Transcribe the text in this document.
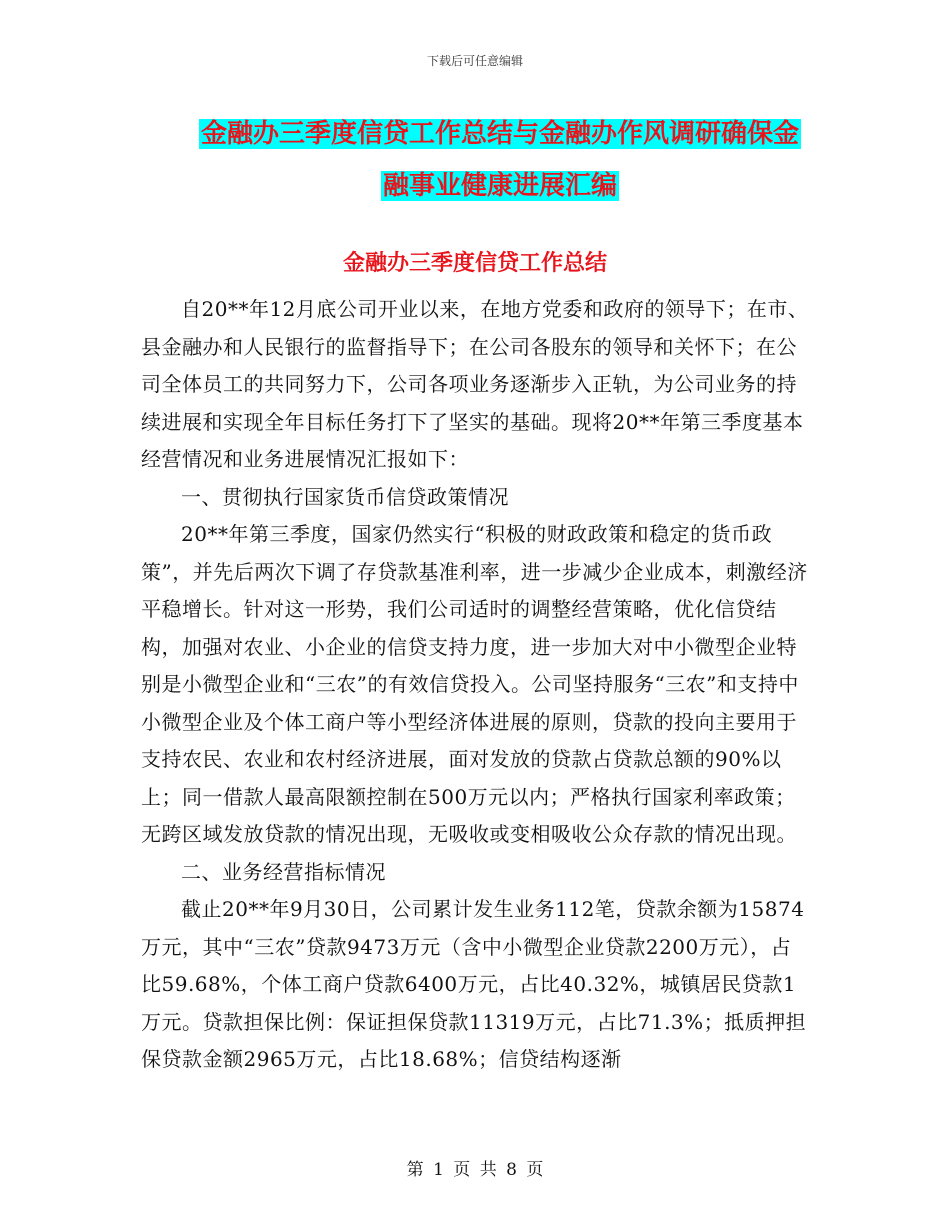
下载后可任意编辑
金融办三季度信贷工作总结与金融办作风调研确保金
融事业健康进展汇编
金融办三季度信贷工作总结

自20**年12月底公司开业以来，在地方党委和政府的领导下；在市、县金融办和人民银行的监督指导下；在公司各股东的领导和关怀下；在公司全体员工的共同努力下，公司各项业务逐渐步入正轨，为公司业务的持续进展和实现全年目标任务打下了坚实的基础。现将20**年第三季度基本经营情况和业务进展情况汇报如下：

一、贯彻执行国家货币信贷政策情况

20**年第三季度，国家仍然实行“积极的财政政策和稳定的货币政策”，并先后两次下调了存贷款基准利率，进一步减少企业成本，刺激经济平稳增长。针对这一形势，我们公司适时的调整经营策略，优化信贷结构，加强对农业、小企业的信贷支持力度，进一步加大对中小微型企业特别是小微型企业和“三农”的有效信贷投入。公司坚持服务“三农”和支持中小微型企业及个体工商户等小型经济体进展的原则，贷款的投向主要用于支持农民、农业和农村经济进展，面对发放的贷款占贷款总额的90%以上；同一借款人最高限额控制在500万元以内；严格执行国家利率政策；无跨区域发放贷款的情况出现，无吸收或变相吸收公众存款的情况出现。

二、业务经营指标情况

截止20**年9月30日，公司累计发生业务112笔，贷款余额为15874万元，其中“三农”贷款9473万元（含中小微型企业贷款2200万元），占比59.68%，个体工商户贷款6400万元，占比40.32%，城镇居民贷款1万元。贷款担保比例：保证担保贷款11319万元，占比71.3%；抵质押担保贷款金额2965万元，占比18.68%；信贷结构逐渐

第 1 页 共 8 页
